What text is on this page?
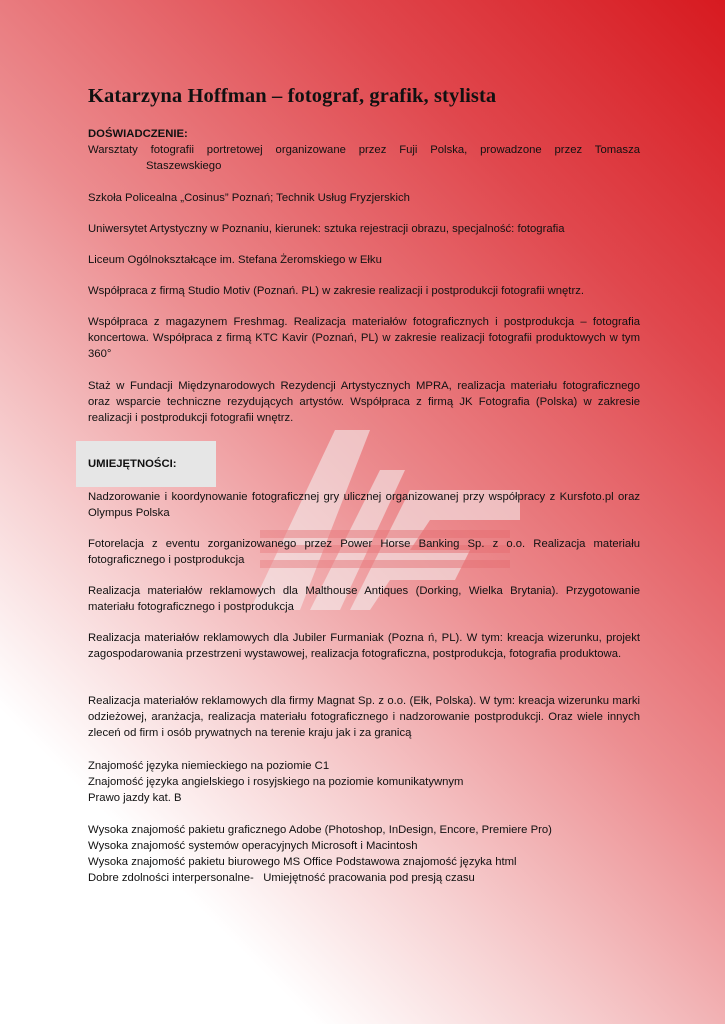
Katarzyna Hoffman – fotograf, grafik, stylista
DOŚWIADCZENIE:
Warsztaty fotografii portretowej organizowane przez Fuji Polska, prowadzone przez Tomasza
Staszewskiego
Szkoła Policealna „Cosinus” Poznań; Technik Usług Fryzjerskich
Uniwersytet Artystyczny w Poznaniu, kierunek: sztuka rejestracji obrazu, specjalność: fotografia
Liceum Ogólnokształcące im. Stefana Żeromskiego w Ełku
Współpraca z firmą Studio Motiv (Poznań. PL) w zakresie realizacji i postprodukcji fotografii wnętrz.
Współpraca z magazynem Freshmag. Realizacja materiałów fotograficznych i postprodukcja – fotografia koncertowa. Współpraca z firmą KTC Kavir (Poznań, PL) w zakresie realizacji fotografii produktowych w tym 360°
Staż w Fundacji Międzynarodowych Rezydencji Artystycznych MPRA, realizacja materiału fotograficznego oraz wsparcie techniczne rezydujących artystów. Współpraca z firmą JK Fotografia (Polska) w zakresie realizacji i postprodukcji fotografii wnętrz.
UMIEJĘTNOŚCI:
Nadzorowanie i koordynowanie fotograficznej gry ulicznej organizowanej przy współpracy z Kursfoto.pl oraz Olympus Polska
Fotorelacja z eventu zorganizowanego przez Power Horse Banking Sp. z o.o. Realizacja materiału fotograficznego i postprodukcja
Realizacja materiałów reklamowych dla Malthouse Antiques (Dorking, Wielka Brytania). Przygotowanie materiału fotograficznego i postprodukcja
Realizacja materiałów reklamowych dla Jubiler Furmaniak (Pozna ń, PL). W tym: kreacja wizerunku, projekt zagospodarowania przestrzeni wystawowej, realizacja fotograficzna, postprodukcja, fotografia produktowa.
Realizacja materiałów reklamowych dla firmy Magnat Sp. z o.o. (Ełk, Polska). W tym: kreacja wizerunku marki odzieżowej, aranżacja, realizacja materiału fotograficznego i nadzorowanie postprodukcji. Oraz wiele innych zleceń od firm i osób prywatnych na terenie kraju jak i za granicą
Znajomość języka niemieckiego na poziomie C1
Znajomość języka angielskiego i rosyjskiego na poziomie komunikatywnym
Prawo jazdy kat. B
Wysoka znajomość pakietu graficznego Adobe (Photoshop, InDesign, Encore, Premiere Pro)
Wysoka znajomość systemów operacyjnych Microsoft i Macintosh
Wysoka znajomość pakietu biurowego MS Office Podstawowa znajomość języka html
Dobre zdolności interpersonalne-   Umiejętność pracowania pod presją czasu
